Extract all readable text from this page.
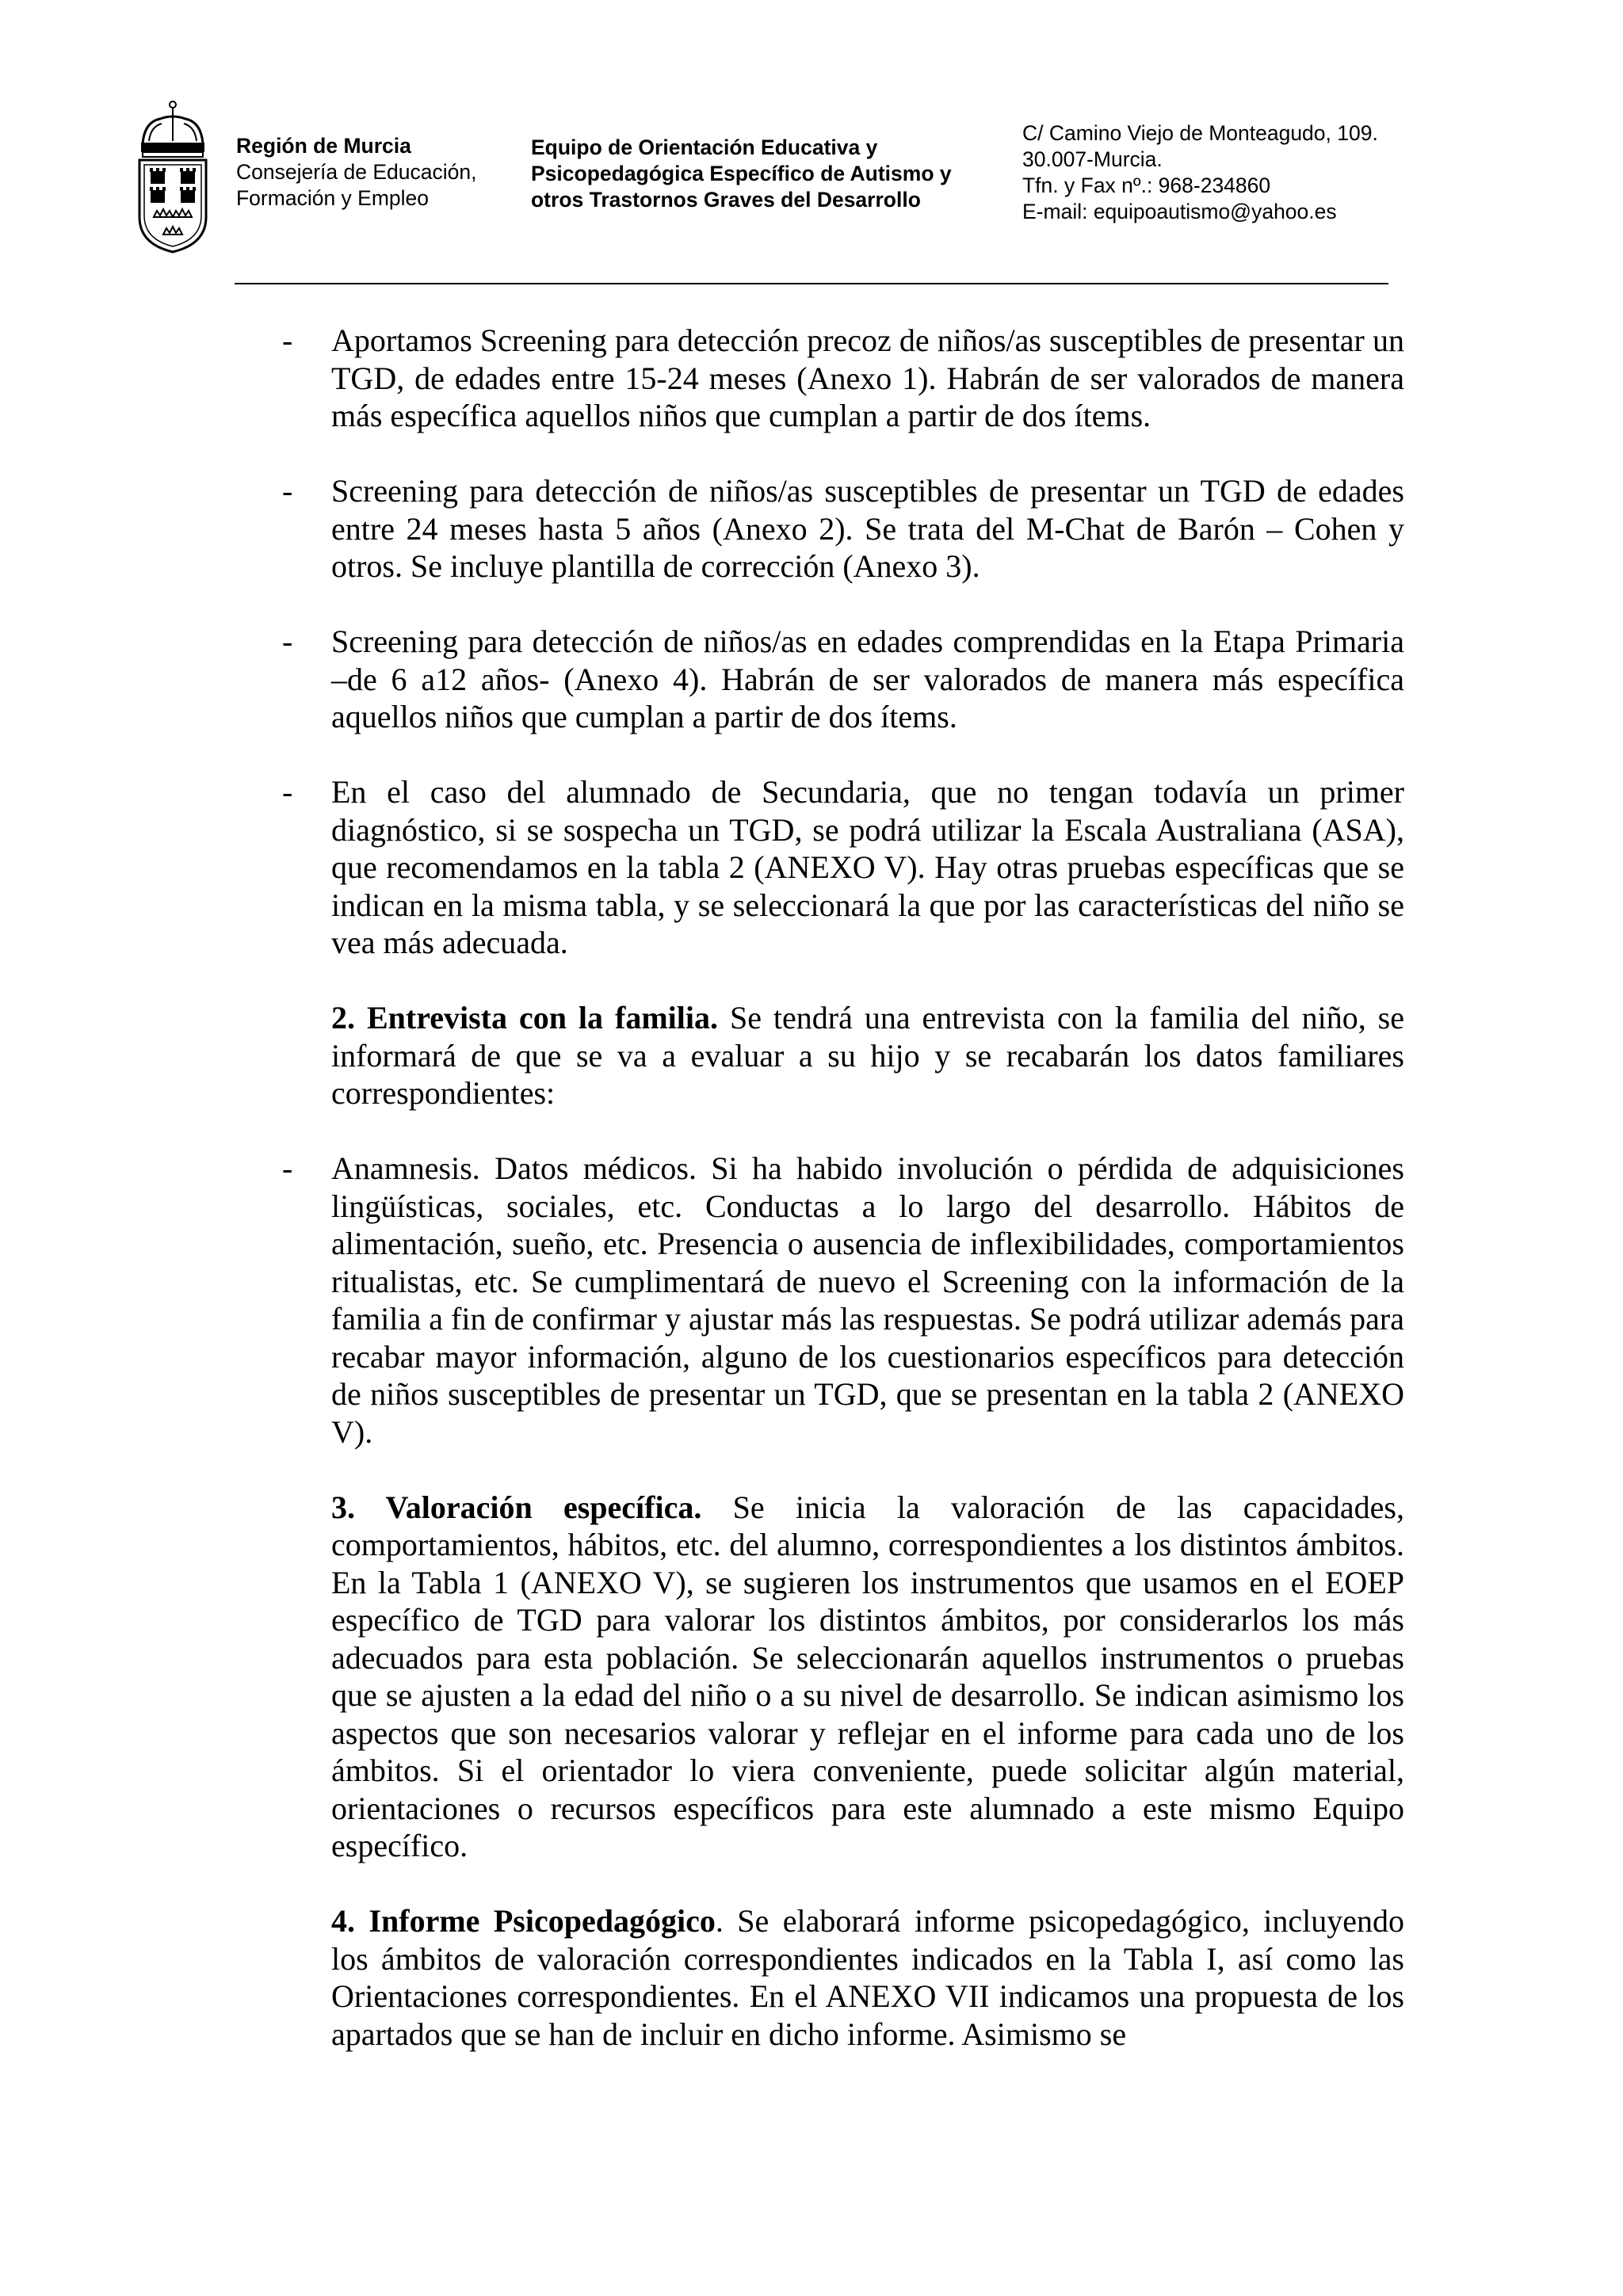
Región de Murcia
Consejería de Educación,
Formación y Empleo
Equipo de Orientación Educativa y
Psicopedagógica Específico de Autismo y
otros Trastornos Graves del Desarrollo
C/ Camino Viejo de Monteagudo, 109.
30.007-Murcia.
Tfn. y Fax nº.: 968-234860
E-mail: equipoautismo@yahoo.es
- Aportamos Screening para detección precoz de niños/as susceptibles de presentar un TGD, de edades entre 15-24 meses (Anexo 1). Habrán de ser valorados de manera más específica aquellos niños que cumplan a partir de dos ítems.

- Screening para detección de niños/as susceptibles de presentar un TGD de edades entre 24 meses hasta 5 años (Anexo 2). Se trata del M-Chat de Barón – Cohen y otros. Se incluye plantilla de corrección (Anexo 3).

- Screening para detección de niños/as en edades comprendidas en la Etapa Primaria –de 6 a12 años- (Anexo 4). Habrán de ser valorados de manera más específica aquellos niños que cumplan a partir de dos ítems.

- En el caso del alumnado de Secundaria, que no tengan todavía un primer diagnóstico, si se sospecha un TGD, se podrá utilizar la Escala Australiana (ASA), que recomendamos en la tabla 2 (ANEXO V). Hay otras pruebas específicas que se indican en la misma tabla, y se seleccionará la que por las características del niño se vea más adecuada.

2. Entrevista con la familia. Se tendrá una entrevista con la familia del niño, se informará de que se va a evaluar a su hijo y se recabarán los datos familiares correspondientes:

- Anamnesis. Datos médicos. Si ha habido involución o pérdida de adquisiciones lingüísticas, sociales, etc. Conductas a lo largo del desarrollo. Hábitos de alimentación, sueño, etc. Presencia o ausencia de inflexibilidades, comportamientos ritualistas, etc. Se cumplimentará de nuevo el Screening con la información de la familia a fin de confirmar y ajustar más las respuestas. Se podrá utilizar además para recabar mayor información, alguno de los cuestionarios específicos para detección de niños susceptibles de presentar un TGD, que se presentan en la tabla 2 (ANEXO V).

3. Valoración específica. Se inicia la valoración de las capacidades, comportamientos, hábitos, etc. del alumno, correspondientes a los distintos ámbitos. En la Tabla 1 (ANEXO V), se sugieren los instrumentos que usamos en el EOEP específico de TGD para valorar los distintos ámbitos, por considerarlos los más adecuados para esta población. Se seleccionarán aquellos instrumentos o pruebas que se ajusten a la edad del niño o a su nivel de desarrollo. Se indican asimismo los aspectos que son necesarios valorar y reflejar en el informe para cada uno de los ámbitos. Si el orientador lo viera conveniente, puede solicitar algún material, orientaciones o recursos específicos para este alumnado a este mismo Equipo específico.

4. Informe Psicopedagógico. Se elaborará informe psicopedagógico, incluyendo los ámbitos de valoración correspondientes indicados en la Tabla I, así como las Orientaciones correspondientes. En el ANEXO VII indicamos una propuesta de los apartados que se han de incluir en dicho informe. Asimismo se
